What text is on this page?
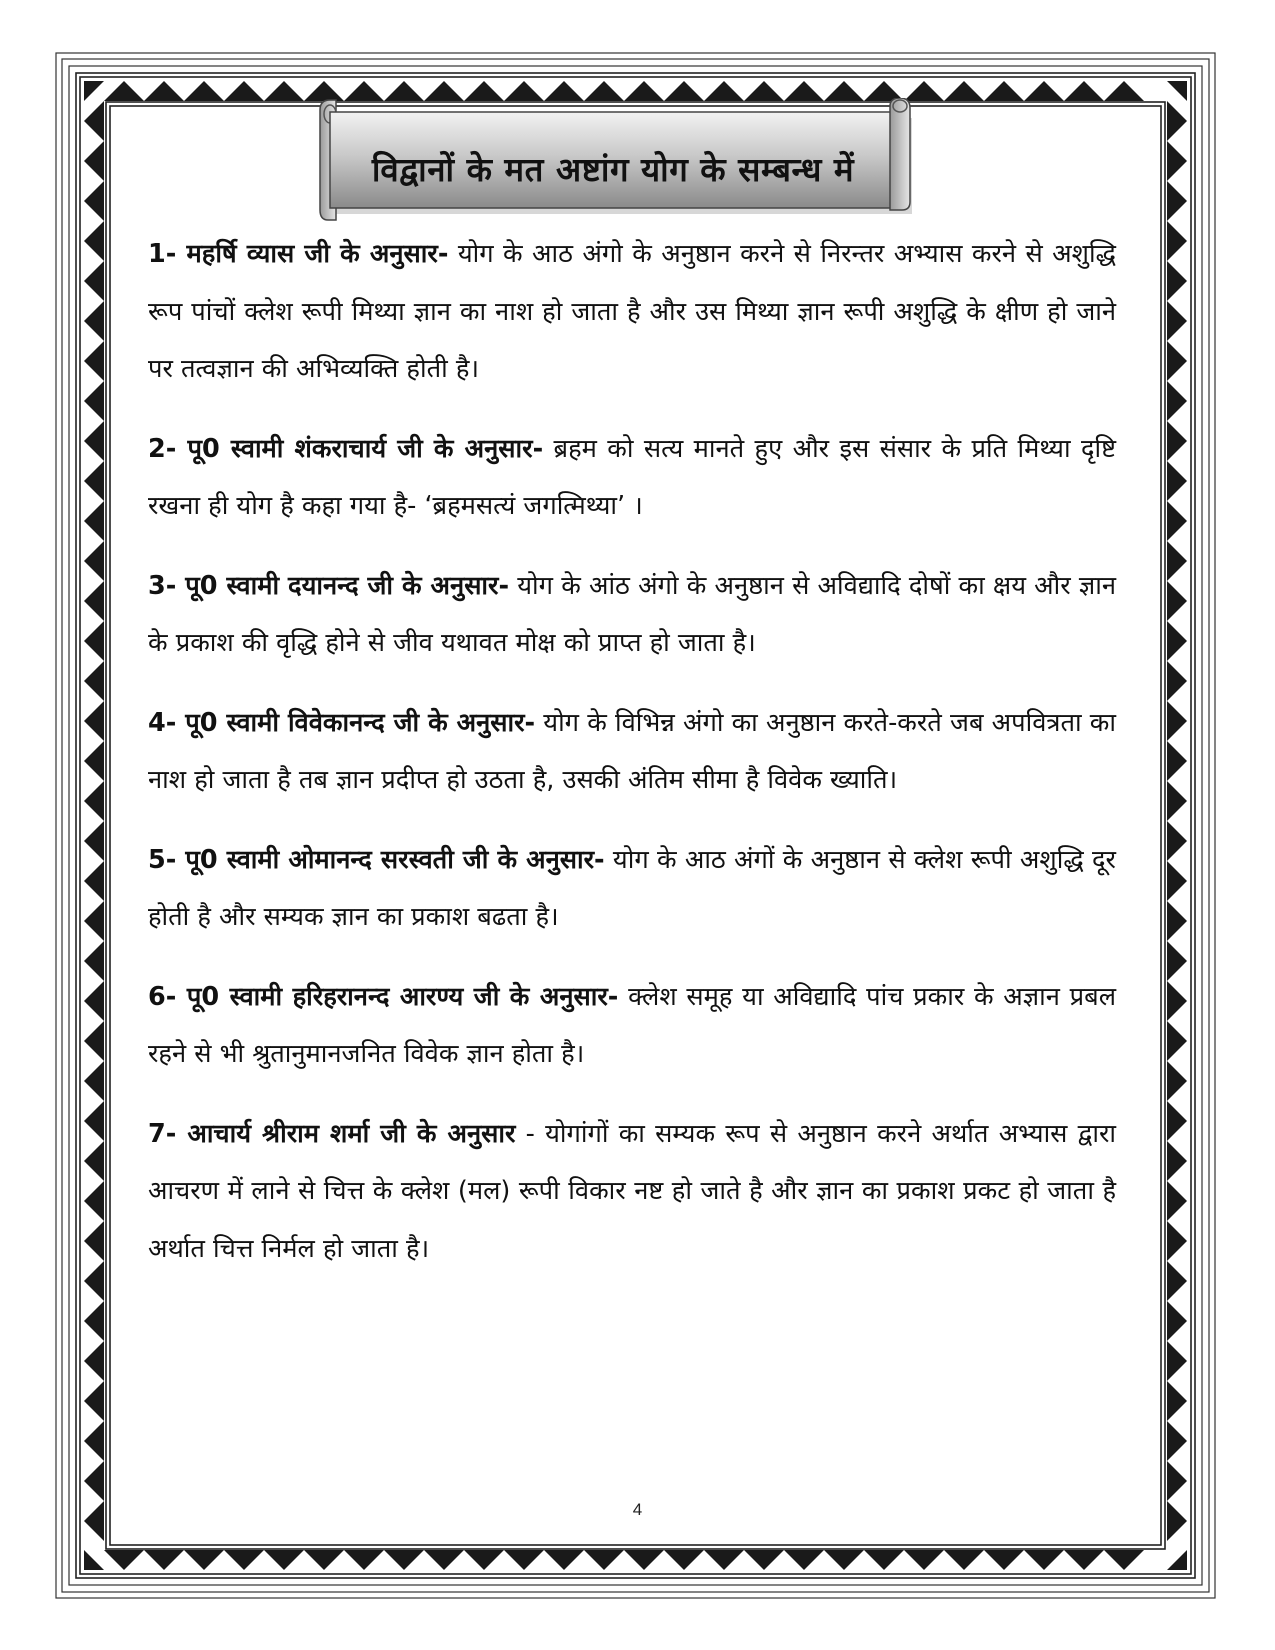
विद्वानों के मत अष्टांग योग के सम्बन्ध में

1- महर्षि व्यास जी के अनुसार- योग के आठ अंगो के अनुष्ठान करने से निरन्तर अभ्यास करने से अशुद्धि रूप पांचों क्लेश रूपी मिथ्या ज्ञान का नाश हो जाता है और उस मिथ्या ज्ञान रूपी अशुद्धि के क्षीण हो जाने पर तत्वज्ञान की अभिव्यक्ति होती है।

2- पू0 स्वामी शंकराचार्य जी के अनुसार- ब्रहम को सत्य मानते हुए और इस संसार के प्रति मिथ्या दृष्टि रखना ही योग है कहा गया है- ‘ब्रहमसत्यं जगत्मिथ्या’ ।

3- पू0 स्वामी दयानन्द जी के अनुसार- योग के आंठ अंगो के अनुष्ठान से अविद्यादि दोषों का क्षय और ज्ञान के प्रकाश की वृद्धि होने से जीव यथावत मोक्ष को प्राप्त हो जाता है।

4- पू0 स्वामी विवेकानन्द जी के अनुसार- योग के विभिन्न अंगो का अनुष्ठान करते-करते जब अपवित्रता का नाश हो जाता है तब ज्ञान प्रदीप्त हो उठता है, उसकी अंतिम सीमा है विवेक ख्याति।

5- पू0 स्वामी ओमानन्द सरस्वती जी के अनुसार- योग के आठ अंगों के अनुष्ठान से क्लेश रूपी अशुद्धि दूर होती है और सम्यक ज्ञान का प्रकाश बढता है।

6- पू0 स्वामी हरिहरानन्द आरण्य जी के अनुसार- क्लेश समूह या अविद्यादि पांच प्रकार के अज्ञान प्रबल रहने से भी श्रुतानुमानजनित विवेक ज्ञान होता है।

7- आचार्य श्रीराम शर्मा जी के अनुसार - योगांगों का सम्यक रूप से अनुष्ठान करने अर्थात अभ्यास द्वारा आचरण में लाने से चित्त के क्लेश (मल) रूपी विकार नष्ट हो जाते है और ज्ञान का प्रकाश प्रकट हो जाता है अर्थात चित्त निर्मल हो जाता है।

4
